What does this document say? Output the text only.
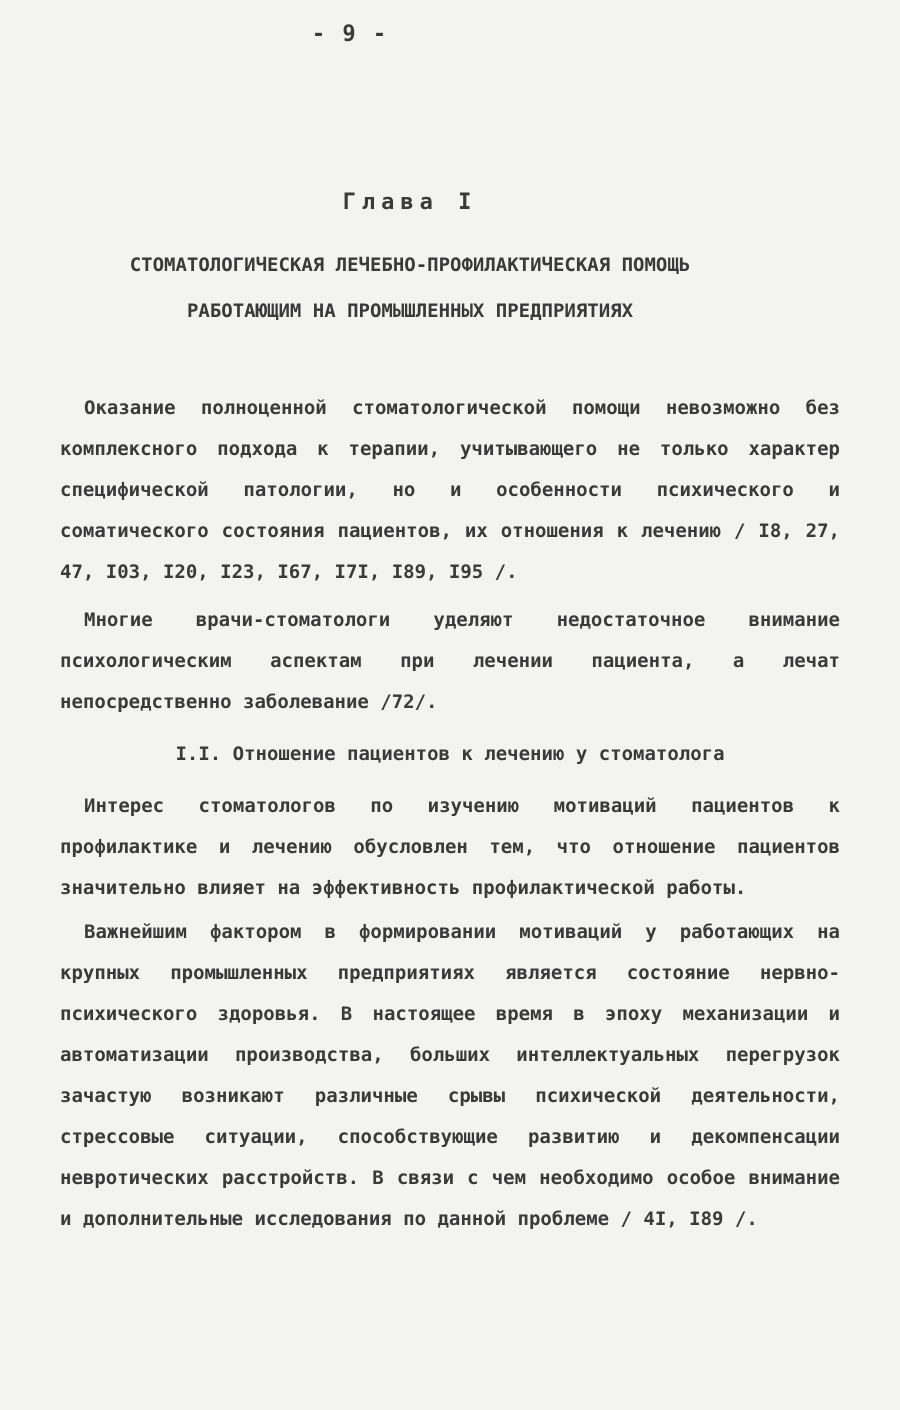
- 9 -
Глава I
СТОМАТОЛОГИЧЕСКАЯ ЛЕЧЕБНО-ПРОФИЛАКТИЧЕСКАЯ ПОМОЩЬ РАБОТАЮЩИМ НА ПРОМЫШЛЕННЫХ ПРЕДПРИЯТИЯХ
Оказание полноценной стоматологической помощи невозможно без комплексного подхода к терапии, учитывающего не только характер специфической патологии, но и особенности психического и соматического состояния пациентов, их отношения к лечению / I8, 27, 47, I03, I20, I23, I67, I7I, I89, I95 /.
Многие врачи-стоматологи уделяют недостаточное внимание психологическим аспектам при лечении пациента, а лечат непосредственно заболевание /72/.
I.I. Отношение пациентов к лечению у стоматолога
Интерес стоматологов по изучению мотиваций пациентов к профилактике и лечению обусловлен тем, что отношение пациентов значительно влияет на эффективность профилактической работы.
Важнейшим фактором в формировании мотиваций у работающих на крупных промышленных предприятиях является состояние нервно-психического здоровья. В настоящее время в эпоху механизации и автоматизации производства, больших интеллектуальных перегрузок зачастую возникают различные срывы психической деятельности, стрессовые ситуации, способствующие развитию и декомпенсации невротических расстройств. В связи с чем необходимо особое внимание и дополнительные исследования по данной проблеме / 4I, I89 /.
